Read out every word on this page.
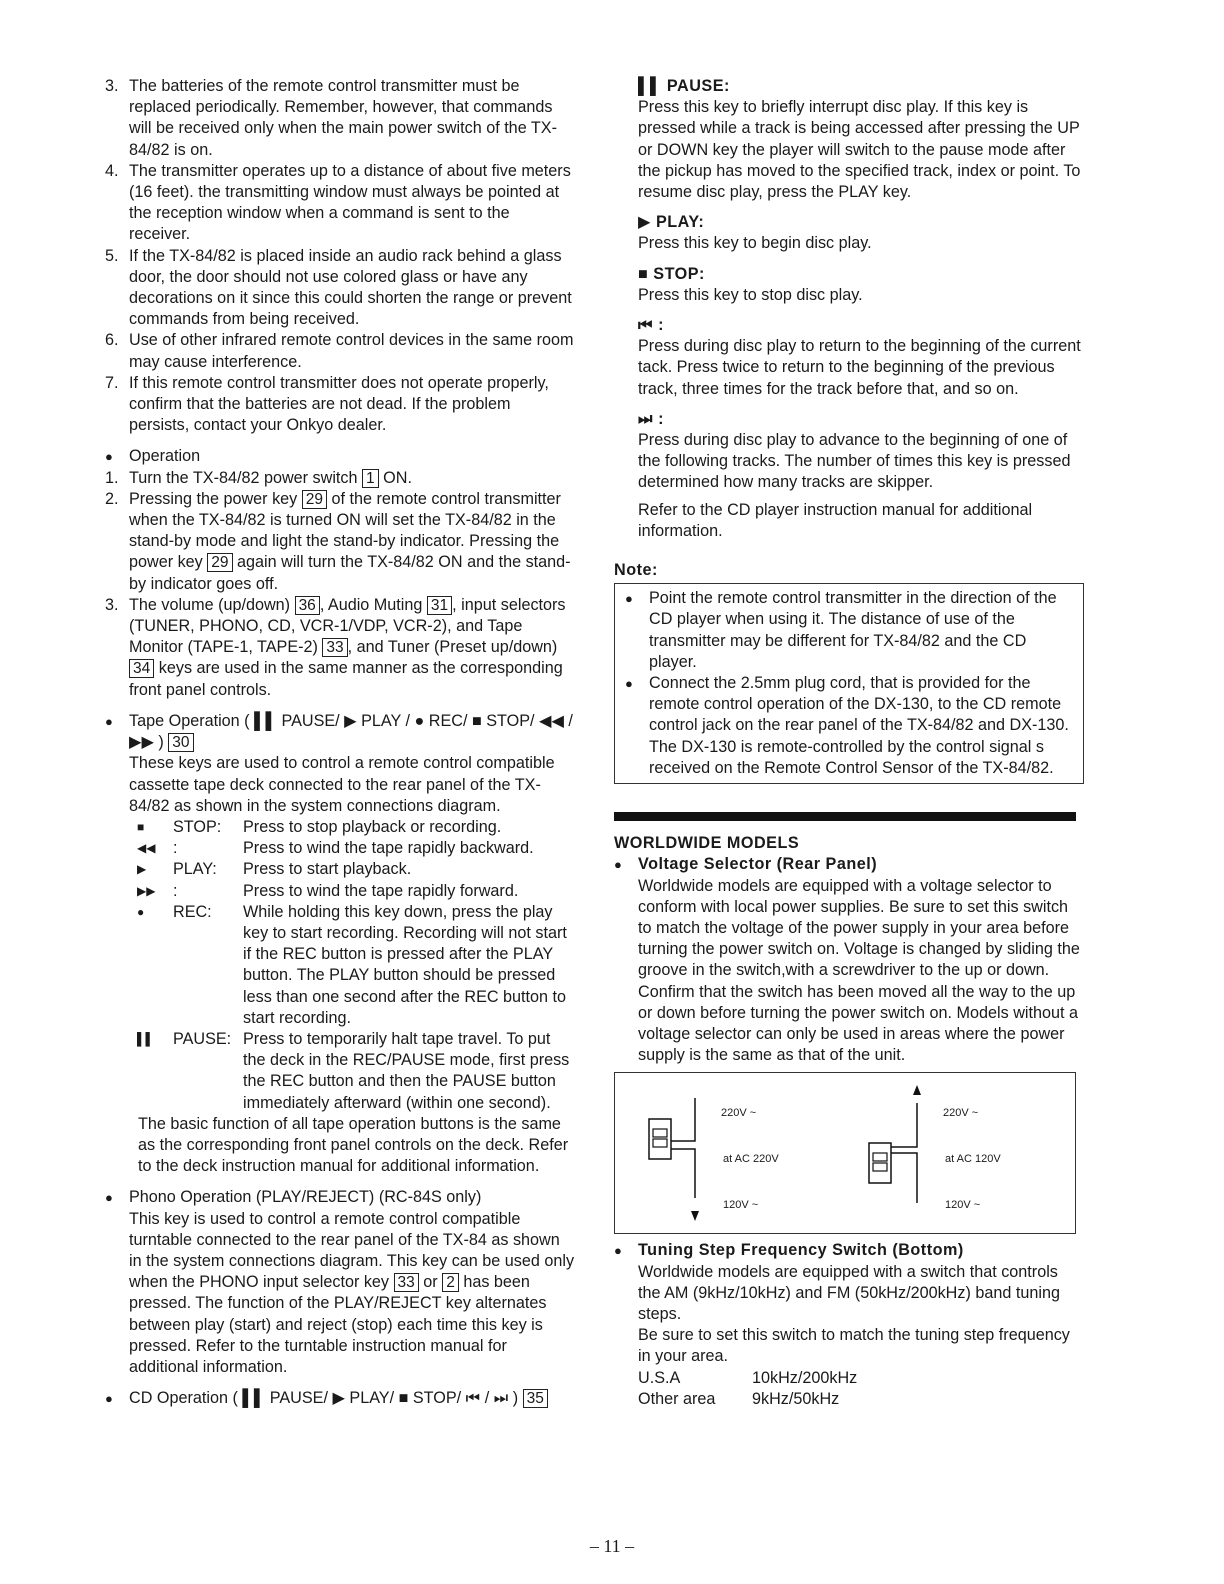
3. The batteries of the remote control transmitter must be replaced periodically. Remember, however, that commands will be received only when the main power switch of the TX-84/82 is on.
4. The transmitter operates up to a distance of about five meters (16 feet). the transmitting window must always be pointed at the reception window when a command is sent to the receiver.
5. If the TX-84/82 is placed inside an audio rack behind a glass door, the door should not use colored glass or have any decorations on it since this could shorten the range or prevent commands from being received.
6. Use of other infrared remote control devices in the same room may cause interference.
7. If this remote control transmitter does not operate properly, confirm that the batteries are not dead. If the problem persists, contact your Onkyo dealer.
● Operation
1. Turn the TX-84/82 power switch 1 ON.
2. Pressing the power key 29 of the remote control transmitter when the TX-84/82 is turned ON will set the TX-84/82 in the stand-by mode and light the stand-by indicator. Pressing the power key 29 again will turn the TX-84/82 ON and the stand-by indicator goes off.
3. The volume (up/down) 36 , Audio Muting 31 , input selectors (TUNER, PHONO, CD, VCR-1/VDP, VCR-2), and Tape Monitor (TAPE-1, TAPE-2) 33 , and Tuner (Preset up/down) 34 keys are used in the same manner as the corresponding front panel controls.
● Tape Operation ( ▌▌ PAUSE/ ▶ PLAY / ● REC/ ■ STOP/ ◀◀ / ▶▶ ) 30
These keys are used to control a remote control compatible cassette tape deck connected to the rear panel of the TX-84/82 as shown in the system connections diagram.
■	STOP:	Press to stop playback or recording.
◀◀	:	Press to wind the tape rapidly backward.
▶	PLAY:	Press to start playback.
▶▶	:	Press to wind the tape rapidly forward.
●	REC:	While holding this key down, press the play key to start recording. Recording will not start if the REC button is pressed after the PLAY button. The PLAY button should be pressed less than one second after the REC button to start recording.
▌▌	PAUSE: Press to temporarily halt tape travel. To put the deck in the REC/PAUSE mode, first press the REC button and then the PAUSE button immediately afterward (within one second).
The basic function of all tape operation buttons is the same as the corresponding front panel controls on the deck. Refer to the deck instruction manual for additional information.
● Phono Operation (PLAY/REJECT) (RC-84S only)
This key is used to control a remote control compatible turntable connected to the rear panel of the TX-84 as shown in the system connections diagram. This key can be used only when the PHONO input selector key 33 or 2 has been pressed. The function of the PLAY/REJECT key alternates between play (start) and reject (stop) each time this key is pressed. Refer to the turntable instruction manual for additional information.
● CD Operation ( ▌▌ PAUSE/ ▶ PLAY/ ■ STOP/ ⏮ / ⏭ ) 35
▌▌ PAUSE:
Press this key to briefly interrupt disc play. If this key is pressed while a track is being accessed after pressing the UP or DOWN key the player will switch to the pause mode after the pickup has moved to the specified track, index or point. To resume disc play, press the PLAY key.
▶ PLAY:
Press this key to begin disc play.
■ STOP:
Press this key to stop disc play.
⏮ :
Press during disc play to return to the beginning of the current tack. Press twice to return to the beginning of the previous track, three times for the track before that, and so on.
⏭ :
Press during disc play to advance to the beginning of one of the following tracks. The number of times this key is pressed determined how many tracks are skipper.
Refer to the CD player instruction manual for additional information.
Note:
● Point the remote control transmitter in the direction of the CD player when using it. The distance of use of the transmitter may be different for TX-84/82 and the CD player.
● Connect the 2.5mm plug cord, that is provided for the remote control operation of the DX-130, to the CD remote control jack on the rear panel of the TX-84/82 and DX-130. The DX-130 is remote-controlled by the control signal s received on the Remote Control Sensor of the TX-84/82.
WORLDWIDE MODELS
● Voltage Selector (Rear Panel)
Worldwide models are equipped with a voltage selector to conform with local power supplies. Be sure to set this switch to match the voltage of the power supply in your area before turning the power switch on. Voltage is changed by sliding the groove in the switch,with a screwdriver to the up or down. Confirm that the switch has been moved all the way to the up or down before turning the power switch on. Models without a voltage selector can only be used in areas where the power supply is the same as that of the unit.
220V ~
at AC 220V
120V ~
220V ~
at AC 120V
120V ~
● Tuning Step Frequency Switch (Bottom)
Worldwide models are equipped with a switch that controls the AM (9kHz/10kHz) and FM (50kHz/200kHz) band tuning steps.
Be sure to set this switch to match the tuning step frequency in your area.
U.S.A	10kHz/200kHz
Other area	9kHz/50kHz
– 11 –
